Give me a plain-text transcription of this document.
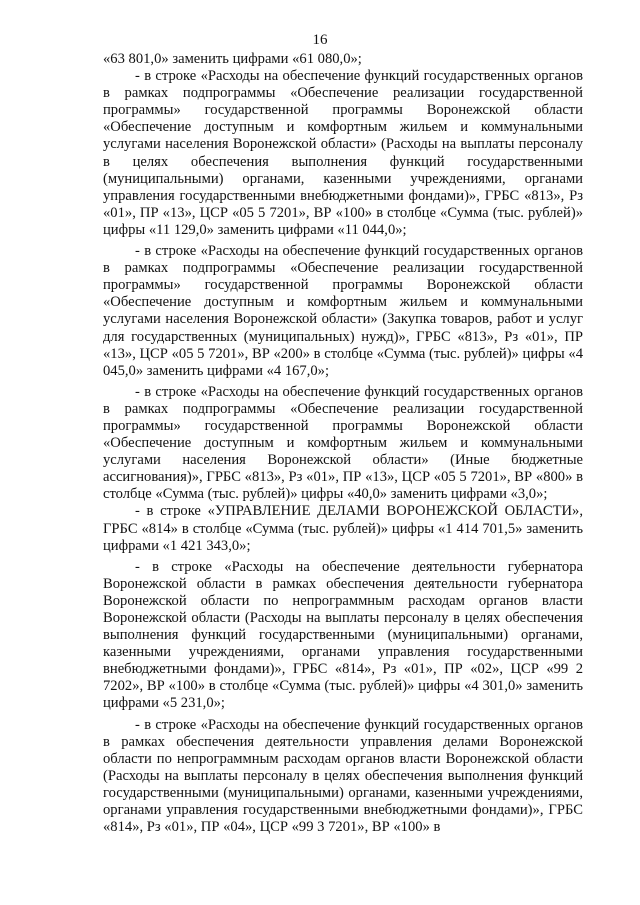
16

«63 801,0» заменить цифрами «61 080,0»;

- в строке «Расходы на обеспечение функций государственных органов в рамках подпрограммы «Обеспечение реализации государственной программы» государственной программы Воронежской области «Обеспечение доступным и комфортным жильем и коммунальными услугами населения Воронежской области» (Расходы на выплаты персоналу в целях обеспечения выполнения функций государственными (муниципальными) органами, казенными учреждениями, органами управления государственными внебюджетными фондами)», ГРБС «813», Рз «01», ПР «13», ЦСР «05 5 7201», ВР «100» в столбце «Сумма (тыс. рублей)» цифры «11 129,0» заменить цифрами «11 044,0»;

- в строке «Расходы на обеспечение функций государственных органов в рамках подпрограммы «Обеспечение реализации государственной программы» государственной программы Воронежской области «Обеспечение доступным и комфортным жильем и коммунальными услугами населения Воронежской области» (Закупка товаров, работ и услуг для государственных (муниципальных) нужд)», ГРБС «813», Рз «01», ПР «13», ЦСР «05 5 7201», ВР «200» в столбце «Сумма (тыс. рублей)» цифры «4 045,0» заменить цифрами «4 167,0»;

- в строке «Расходы на обеспечение функций государственных органов в рамках подпрограммы «Обеспечение реализации государственной программы» государственной программы Воронежской области «Обеспечение доступным и комфортным жильем и коммунальными услугами населения Воронежской области» (Иные бюджетные ассигнования)», ГРБС «813», Рз «01», ПР «13», ЦСР «05 5 7201», ВР «800» в столбце «Сумма (тыс. рублей)» цифры «40,0» заменить цифрами «3,0»;

- в строке «УПРАВЛЕНИЕ ДЕЛАМИ ВОРОНЕЖСКОЙ ОБЛАСТИ», ГРБС «814» в столбце «Сумма (тыс. рублей)» цифры «1 414 701,5» заменить цифрами «1 421 343,0»;

- в строке «Расходы на обеспечение деятельности губернатора Воронежской области в рамках обеспечения деятельности губернатора Воронежской области по непрограммным расходам органов власти Воронежской области (Расходы на выплаты персоналу в целях обеспечения выполнения функций государственными (муниципальными) органами, казенными учреждениями, органами управления государственными внебюджетными фондами)», ГРБС «814», Рз «01», ПР «02», ЦСР «99 2 7202», ВР «100» в столбце «Сумма (тыс. рублей)» цифры «4 301,0» заменить цифрами «5 231,0»;

- в строке «Расходы на обеспечение функций государственных органов в рамках обеспечения деятельности управления делами Воронежской области по непрограммным расходам органов власти Воронежской области (Расходы на выплаты персоналу в целях обеспечения выполнения функций государственными (муниципальными) органами, казенными учреждениями, органами управления государственными внебюджетными фондами)», ГРБС «814», Рз «01», ПР «04», ЦСР «99 3 7201», ВР «100» в
